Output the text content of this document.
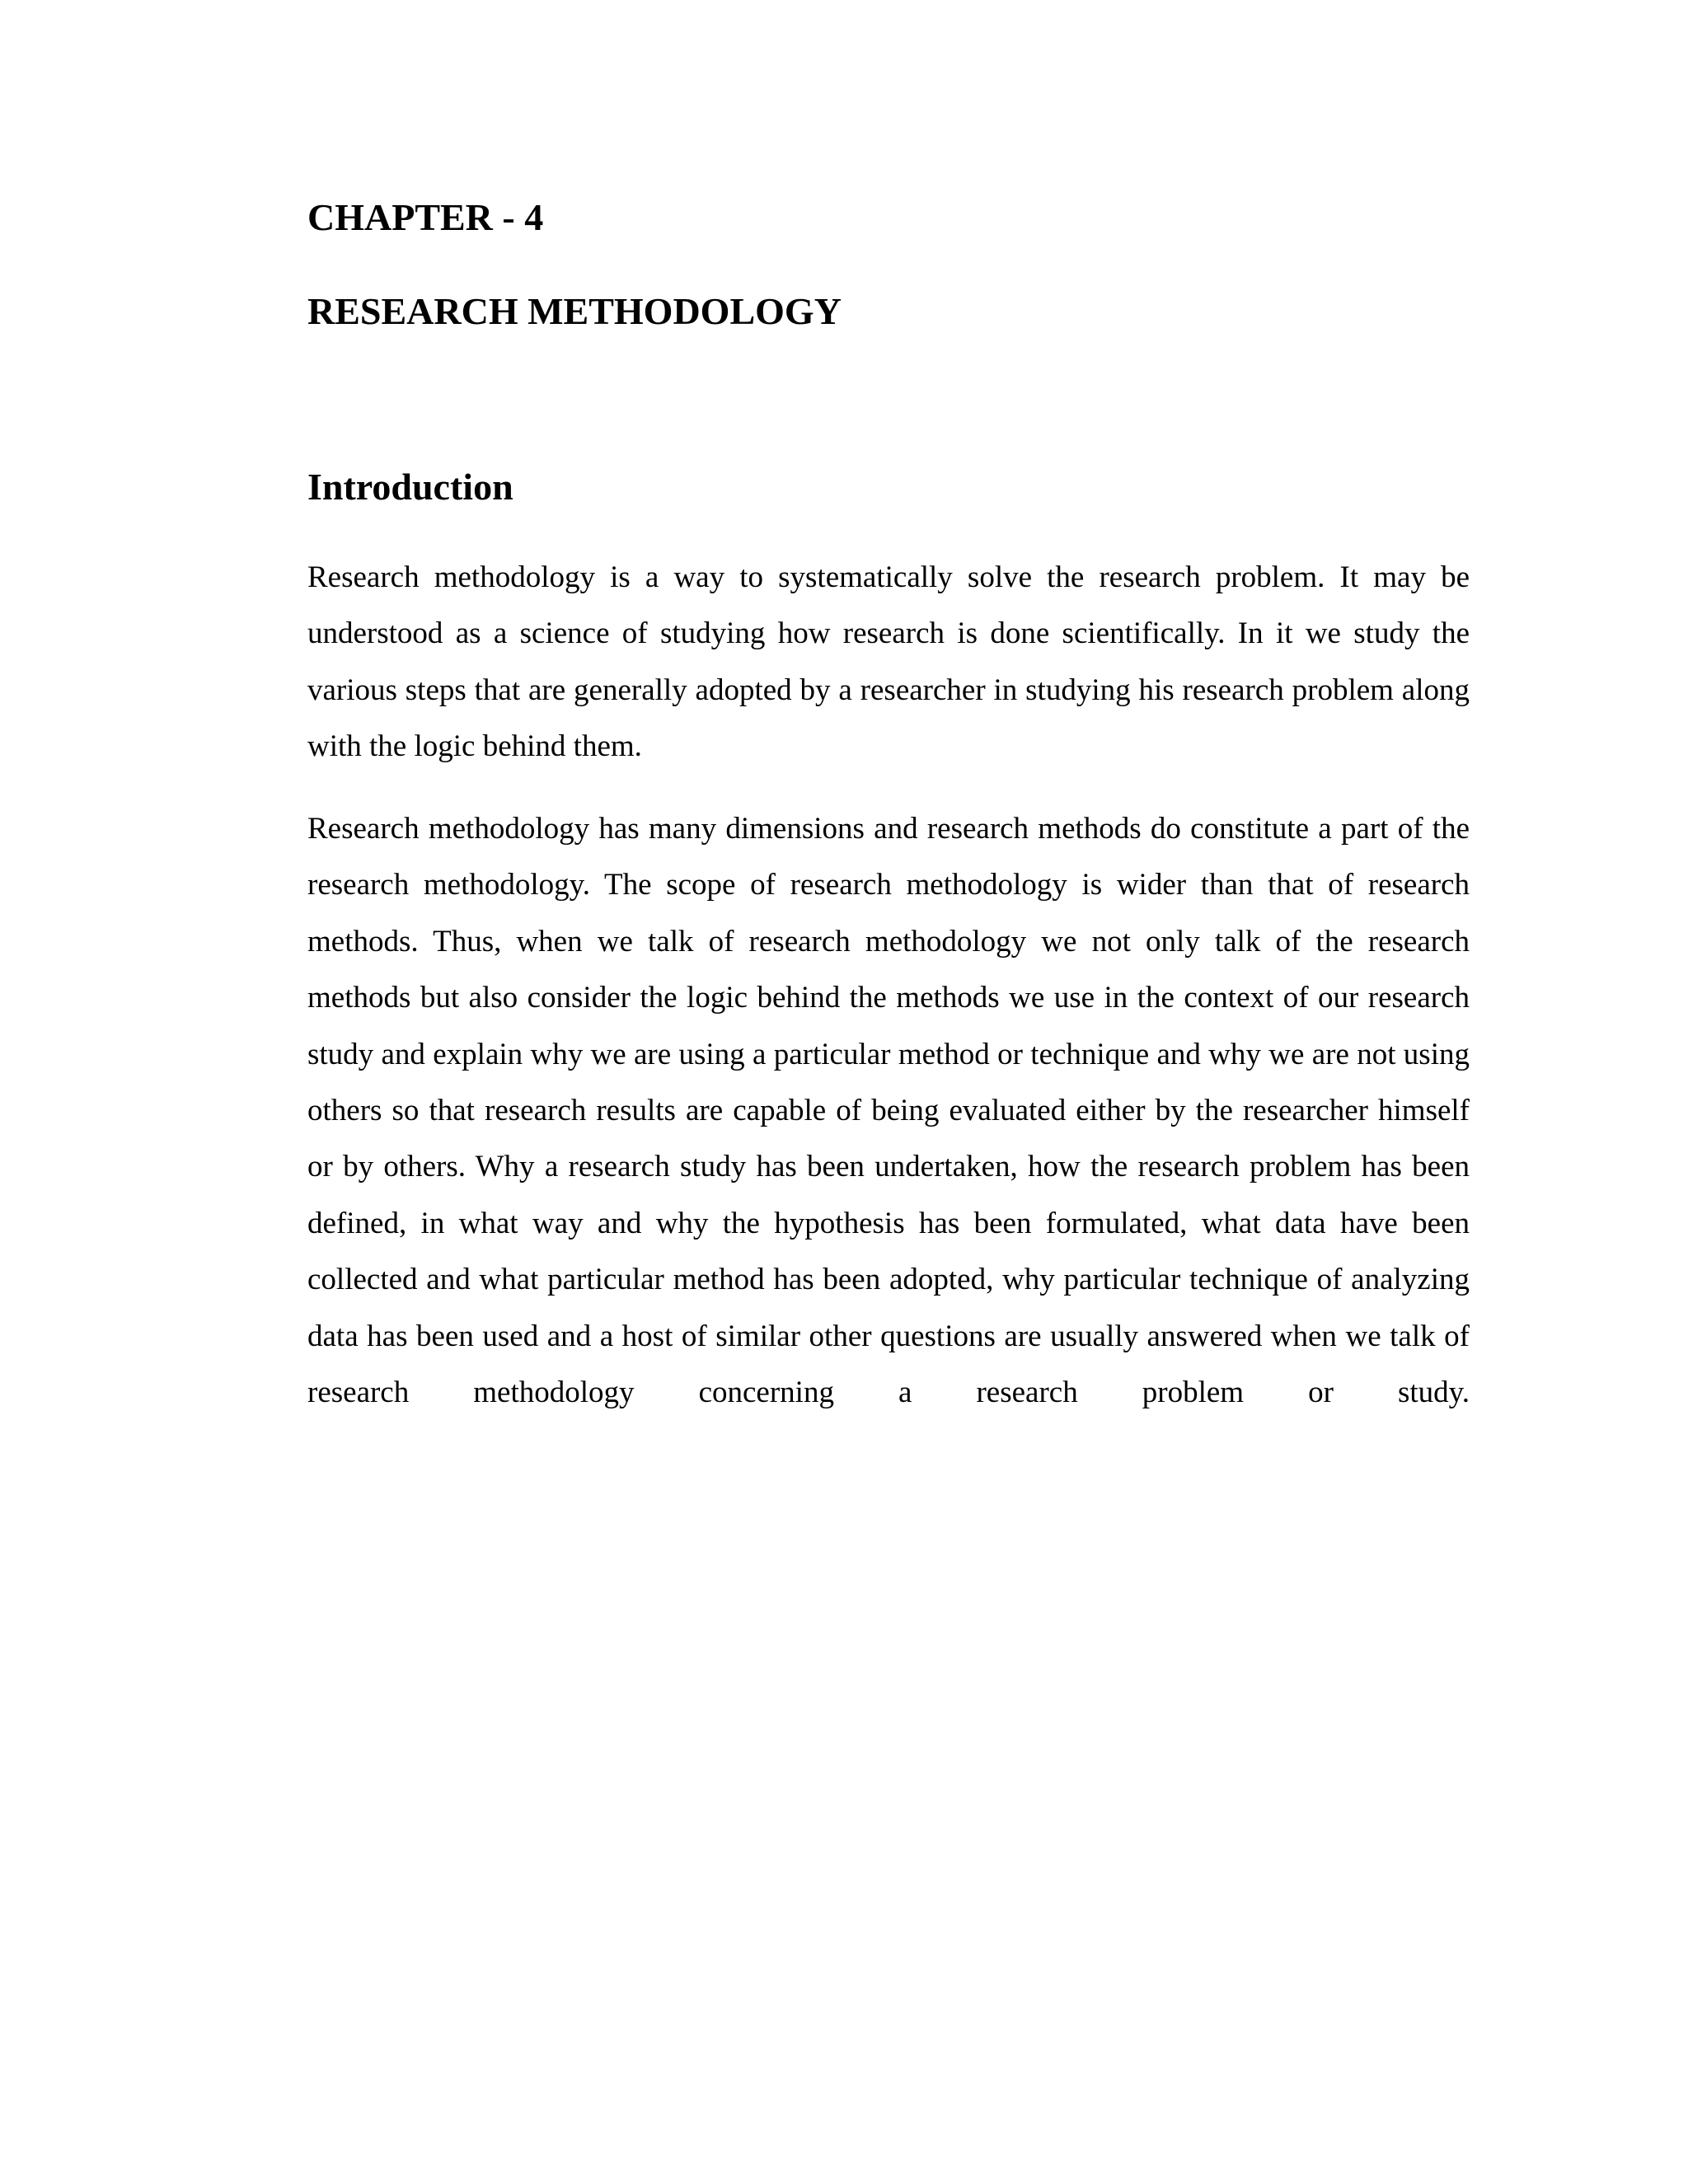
CHAPTER - 4
RESEARCH METHODOLOGY
Introduction

Research methodology is a way to systematically solve the research problem. It may be understood as a science of studying how research is done scientifically. In it we study the various steps that are generally adopted by a researcher in studying his research problem along with the logic behind them.

Research methodology has many dimensions and research methods do constitute a part of the research methodology. The scope of research methodology is wider than that of research methods. Thus, when we talk of research methodology we not only talk of the research methods but also consider the logic behind the methods we use in the context of our research study and explain why we are using a particular method or technique and why we are not using others so that research results are capable of being evaluated either by the researcher himself or by others. Why a research study has been undertaken, how the research problem has been defined, in what way and why the hypothesis has been formulated, what data have been collected and what particular method has been adopted, why particular technique of analyzing data has been used and a host of similar other questions are usually answered when we talk of research methodology concerning a research problem or study.
